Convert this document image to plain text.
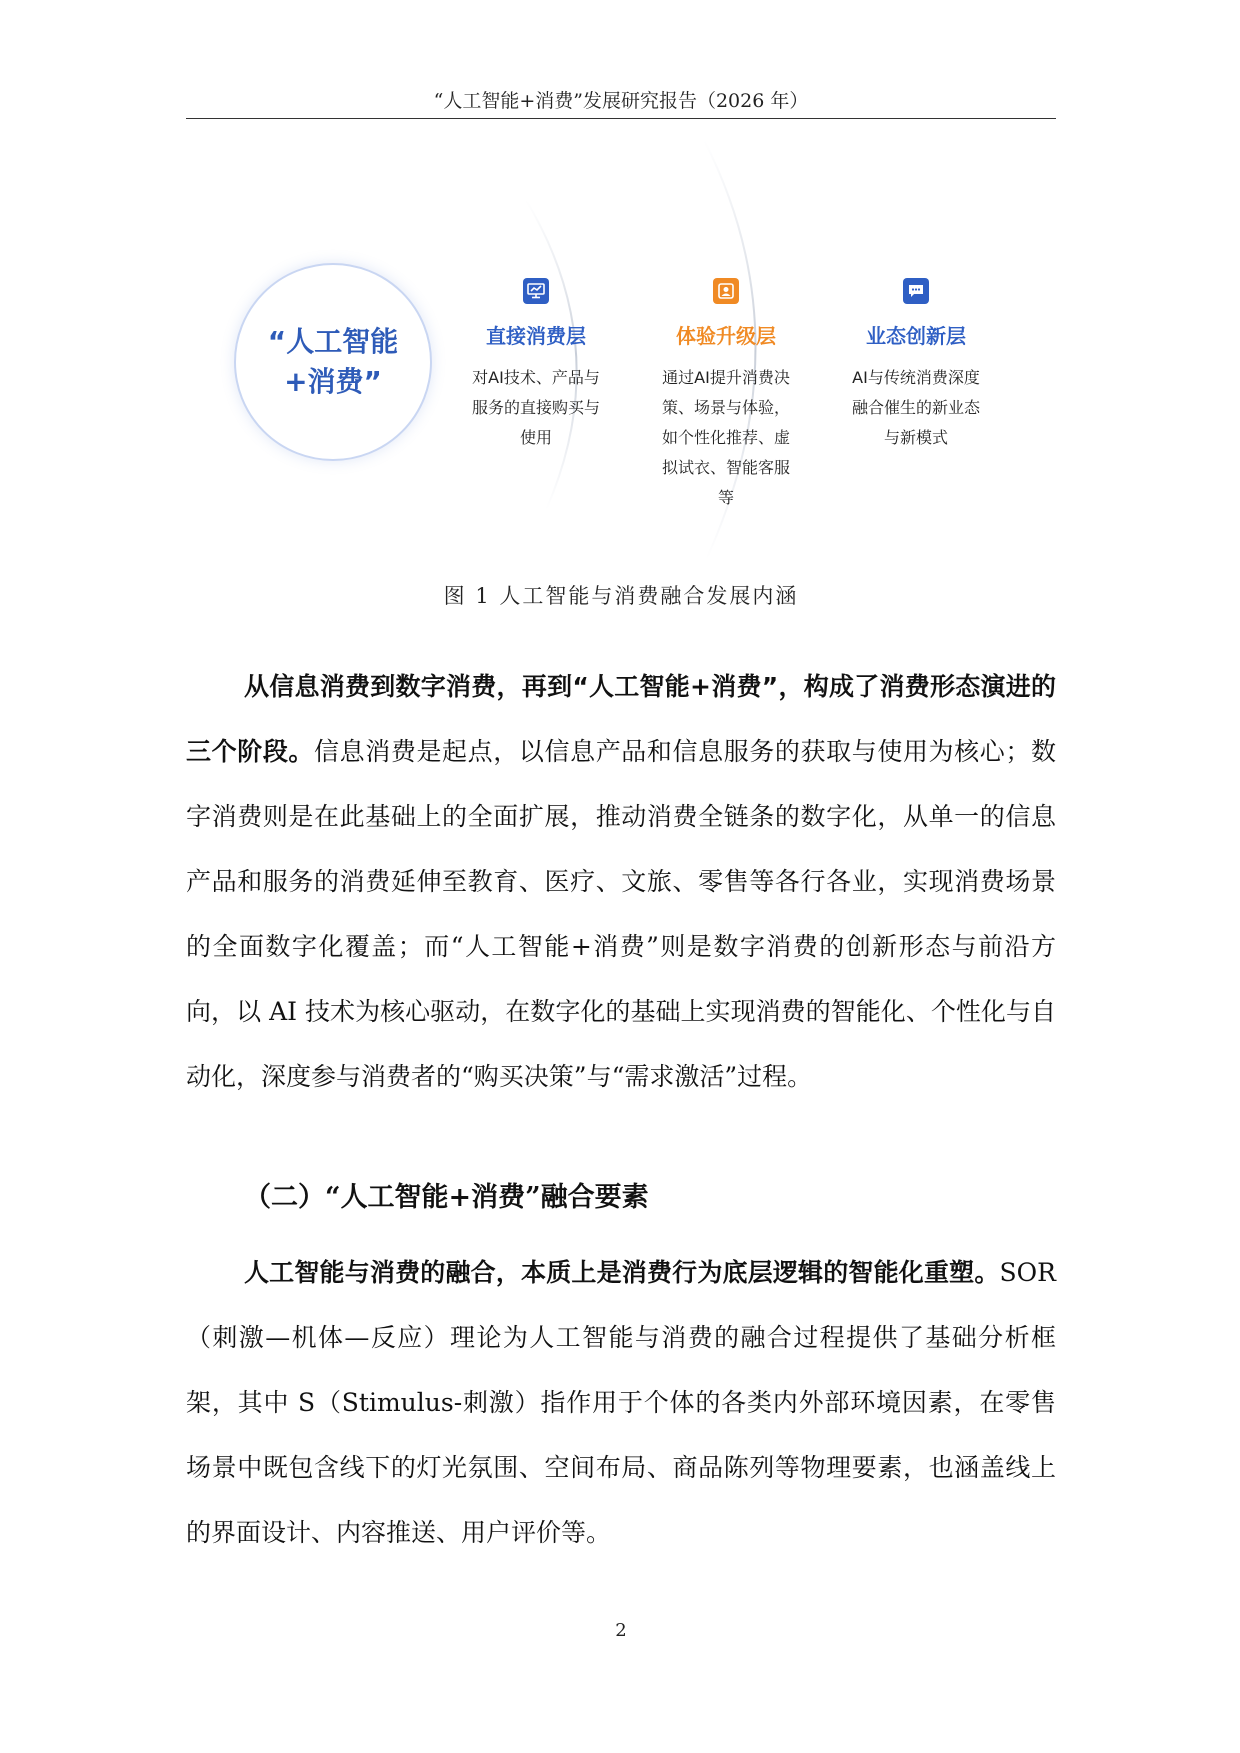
“人工智能+消费”发展研究报告（2026 年）
“人工智能
+消费”
直接消费层
对AI技术、产品与服务的直接购买与使用
体验升级层
通过AI提升消费决策、场景与体验，如个性化推荐、虚拟试衣、智能客服等
业态创新层
AI与传统消费深度融合催生的新业态与新模式
图 1 人工智能与消费融合发展内涵

从信息消费到数字消费，再到“人工智能+消费”，构成了消费形态演进的三个阶段。信息消费是起点，以信息产品和信息服务的获取与使用为核心；数字消费则是在此基础上的全面扩展，推动消费全链条的数字化，从单一的信息产品和服务的消费延伸至教育、医疗、文旅、零售等各行各业，实现消费场景的全面数字化覆盖；而“人工智能+消费”则是数字消费的创新形态与前沿方向，以 AI 技术为核心驱动，在数字化的基础上实现消费的智能化、个性化与自动化，深度参与消费者的“购买决策”与“需求激活”过程。

（二）“人工智能+消费”融合要素

人工智能与消费的融合，本质上是消费行为底层逻辑的智能化重塑。SOR（刺激—机体—反应）理论为人工智能与消费的融合过程提供了基础分析框架，其中 S（Stimulus-刺激）指作用于个体的各类内外部环境因素，在零售场景中既包含线下的灯光氛围、空间布局、商品陈列等物理要素，也涵盖线上的界面设计、内容推送、用户评价等。

2
